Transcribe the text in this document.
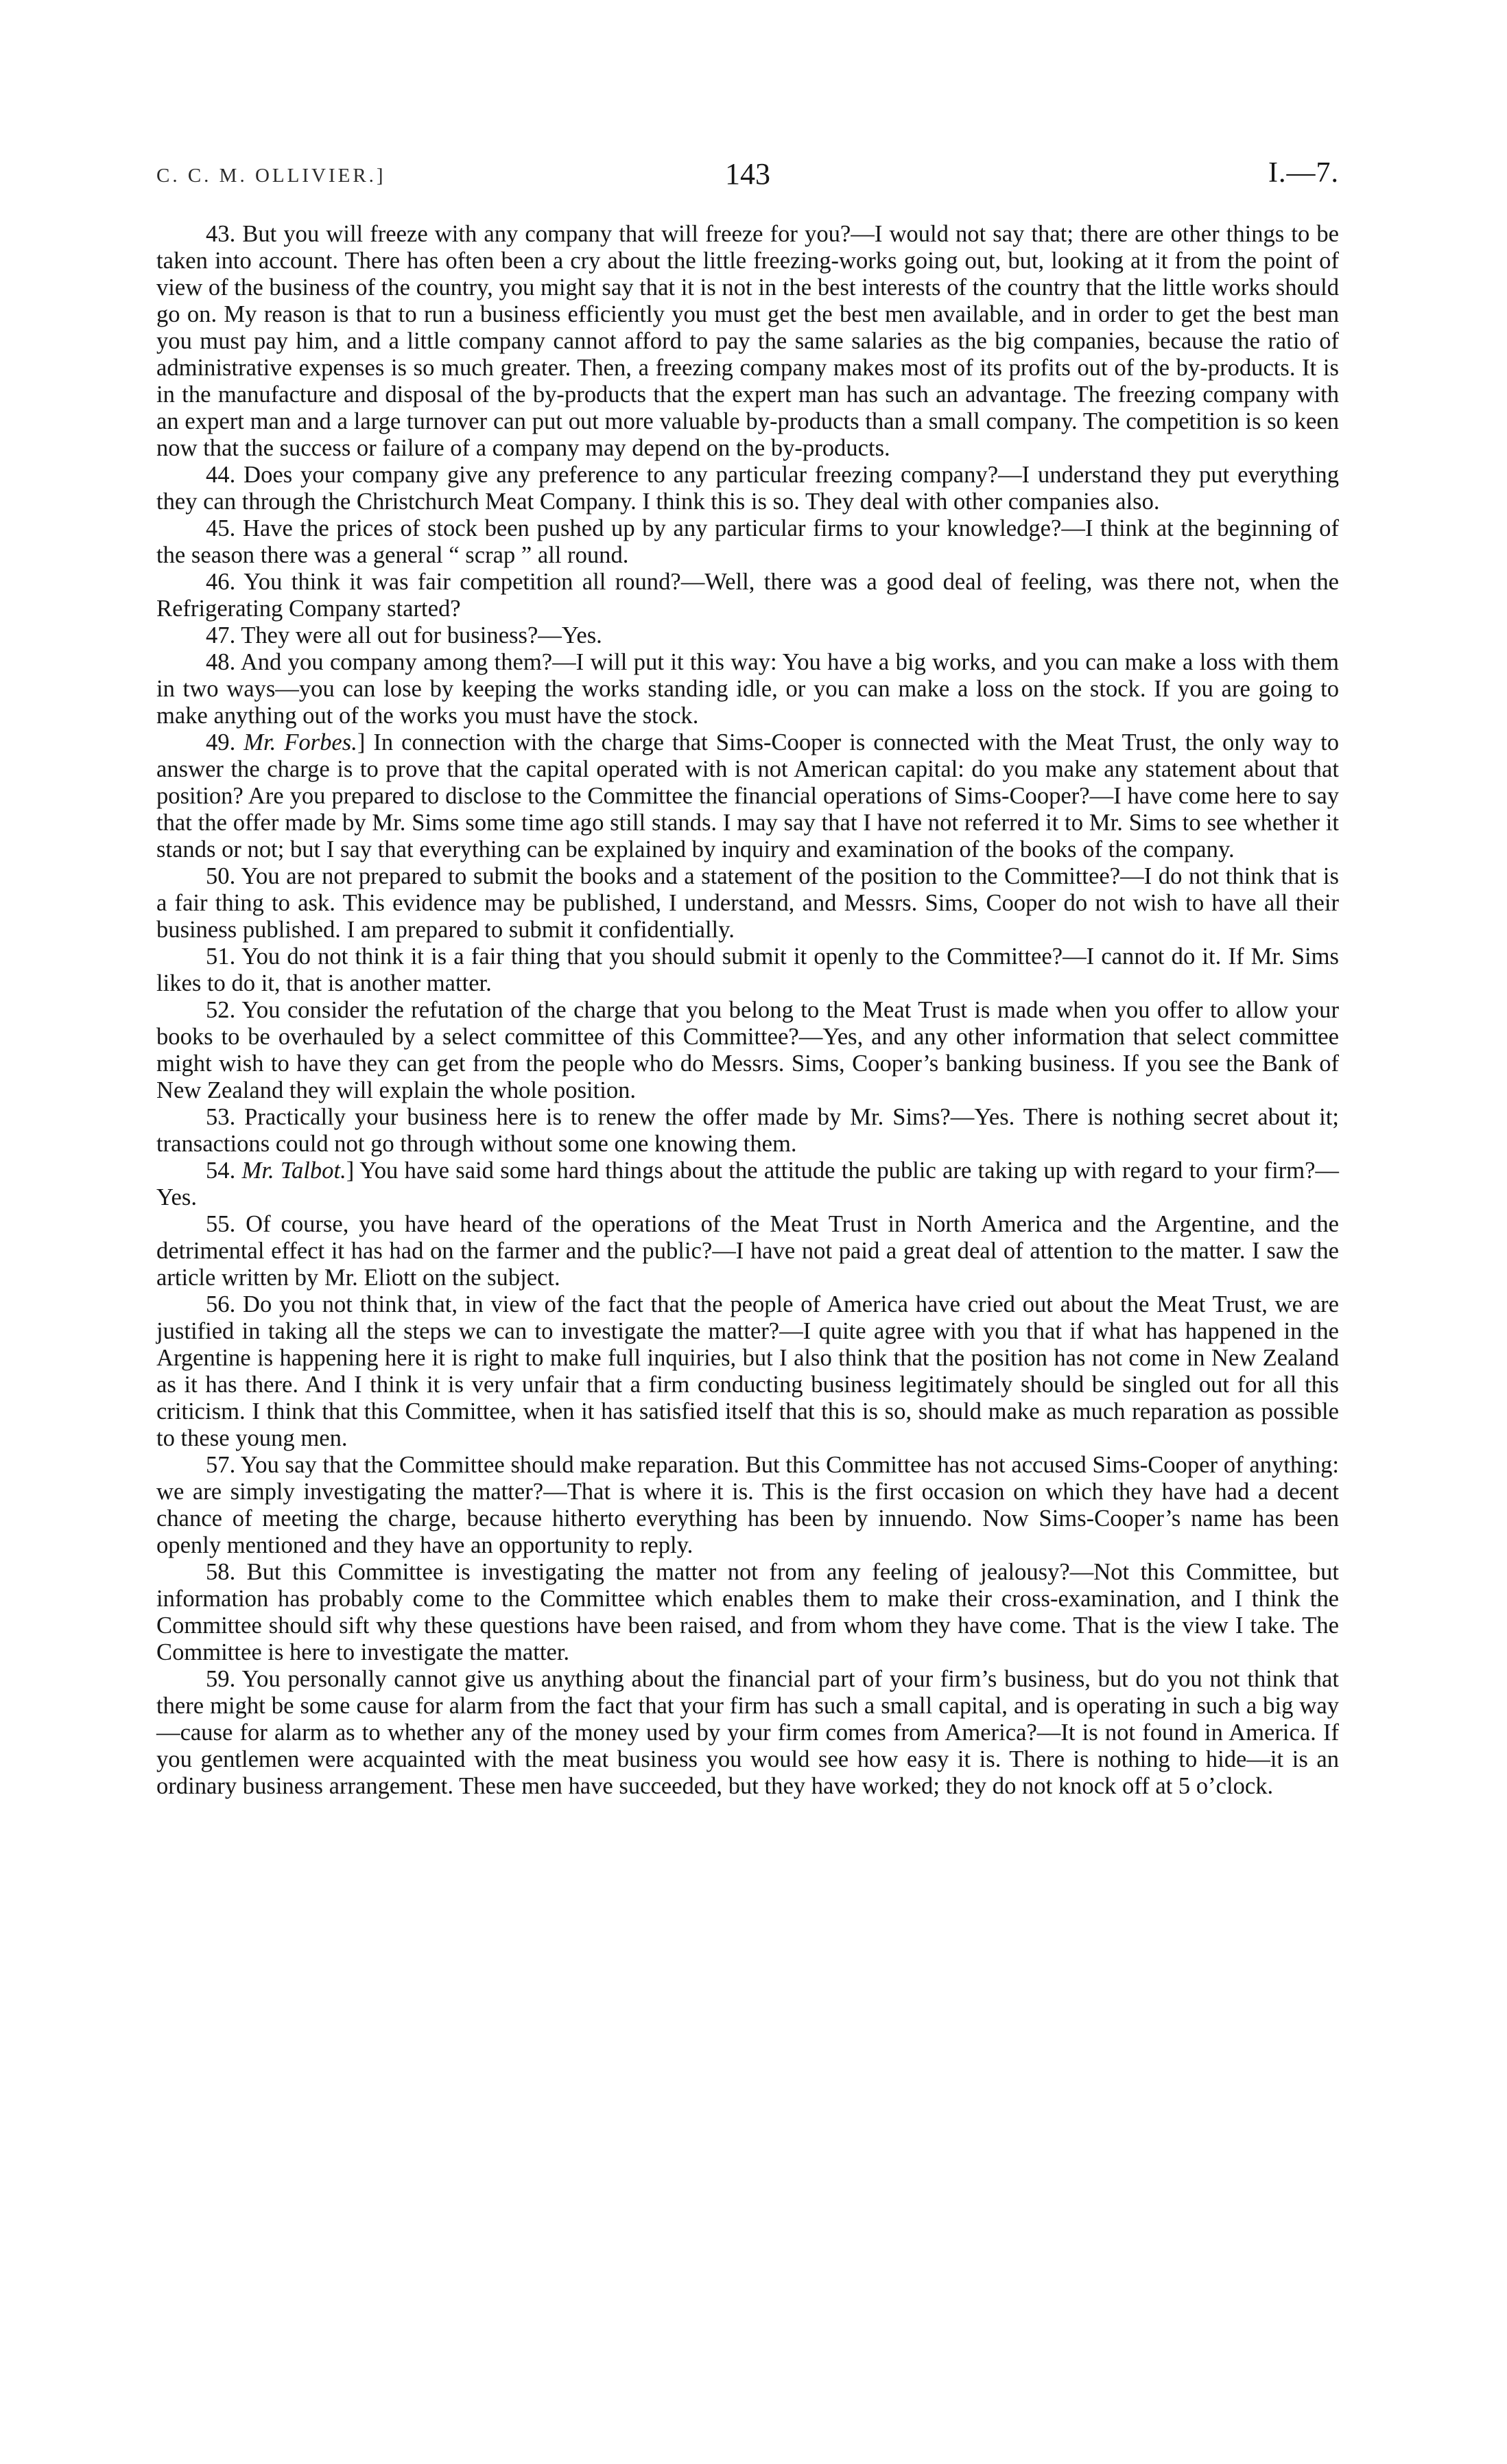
C. C. M. OLLIVIER.]	143	I.—7.

43. But you will freeze with any company that will freeze for you?—I would not say that; there are other things to be taken into account. There has often been a cry about the little freezing-works going out, but, looking at it from the point of view of the business of the country, you might say that it is not in the best interests of the country that the little works should go on. My reason is that to run a business efficiently you must get the best men available, and in order to get the best man you must pay him, and a little company cannot afford to pay the same salaries as the big companies, because the ratio of administrative expenses is so much greater. Then, a freezing company makes most of its profits out of the by-products. It is in the manufacture and disposal of the by-products that the expert man has such an advantage. The freezing company with an expert man and a large turnover can put out more valuable by-products than a small company. The competition is so keen now that the success or failure of a company may depend on the by-products.

44. Does your company give any preference to any particular freezing company?—I understand they put everything they can through the Christchurch Meat Company. I think this is so. They deal with other companies also.

45. Have the prices of stock been pushed up by any particular firms to your knowledge?—I think at the beginning of the season there was a general “ scrap ” all round.

46. You think it was fair competition all round?—Well, there was a good deal of feeling, was there not, when the Refrigerating Company started?

47. They were all out for business?—Yes.

48. And you company among them?—I will put it this way: You have a big works, and you can make a loss with them in two ways—you can lose by keeping the works standing idle, or you can make a loss on the stock. If you are going to make anything out of the works you must have the stock.

49. Mr. Forbes.] In connection with the charge that Sims-Cooper is connected with the Meat Trust, the only way to answer the charge is to prove that the capital operated with is not American capital: do you make any statement about that position? Are you prepared to disclose to the Committee the financial operations of Sims-Cooper?—I have come here to say that the offer made by Mr. Sims some time ago still stands. I may say that I have not referred it to Mr. Sims to see whether it stands or not; but I say that everything can be explained by inquiry and examination of the books of the company.

50. You are not prepared to submit the books and a statement of the position to the Committee?—I do not think that is a fair thing to ask. This evidence may be published, I understand, and Messrs. Sims, Cooper do not wish to have all their business published. I am prepared to submit it confidentially.

51. You do not think it is a fair thing that you should submit it openly to the Committee?—I cannot do it. If Mr. Sims likes to do it, that is another matter.

52. You consider the refutation of the charge that you belong to the Meat Trust is made when you offer to allow your books to be overhauled by a select committee of this Committee?—Yes, and any other information that select committee might wish to have they can get from the people who do Messrs. Sims, Cooper’s banking business. If you see the Bank of New Zealand they will explain the whole position.

53. Practically your business here is to renew the offer made by Mr. Sims?—Yes. There is nothing secret about it; transactions could not go through without some one knowing them.

54. Mr. Talbot.] You have said some hard things about the attitude the public are taking up with regard to your firm?—Yes.

55. Of course, you have heard of the operations of the Meat Trust in North America and the Argentine, and the detrimental effect it has had on the farmer and the public?—I have not paid a great deal of attention to the matter. I saw the article written by Mr. Eliott on the subject.

56. Do you not think that, in view of the fact that the people of America have cried out about the Meat Trust, we are justified in taking all the steps we can to investigate the matter?—I quite agree with you that if what has happened in the Argentine is happening here it is right to make full inquiries, but I also think that the position has not come in New Zealand as it has there. And I think it is very unfair that a firm conducting business legitimately should be singled out for all this criticism. I think that this Committee, when it has satisfied itself that this is so, should make as much reparation as possible to these young men.

57. You say that the Committee should make reparation. But this Committee has not accused Sims-Cooper of anything: we are simply investigating the matter?—That is where it is. This is the first occasion on which they have had a decent chance of meeting the charge, because hitherto everything has been by innuendo. Now Sims-Cooper’s name has been openly mentioned and they have an opportunity to reply.

58. But this Committee is investigating the matter not from any feeling of jealousy?—Not this Committee, but information has probably come to the Committee which enables them to make their cross-examination, and I think the Committee should sift why these questions have been raised, and from whom they have come. That is the view I take. The Committee is here to investigate the matter.

59. You personally cannot give us anything about the financial part of your firm’s business, but do you not think that there might be some cause for alarm from the fact that your firm has such a small capital, and is operating in such a big way—cause for alarm as to whether any of the money used by your firm comes from America?—It is not found in America. If you gentlemen were acquainted with the meat business you would see how easy it is. There is nothing to hide—it is an ordinary business arrangement. These men have succeeded, but they have worked; they do not knock off at 5 o’clock.
